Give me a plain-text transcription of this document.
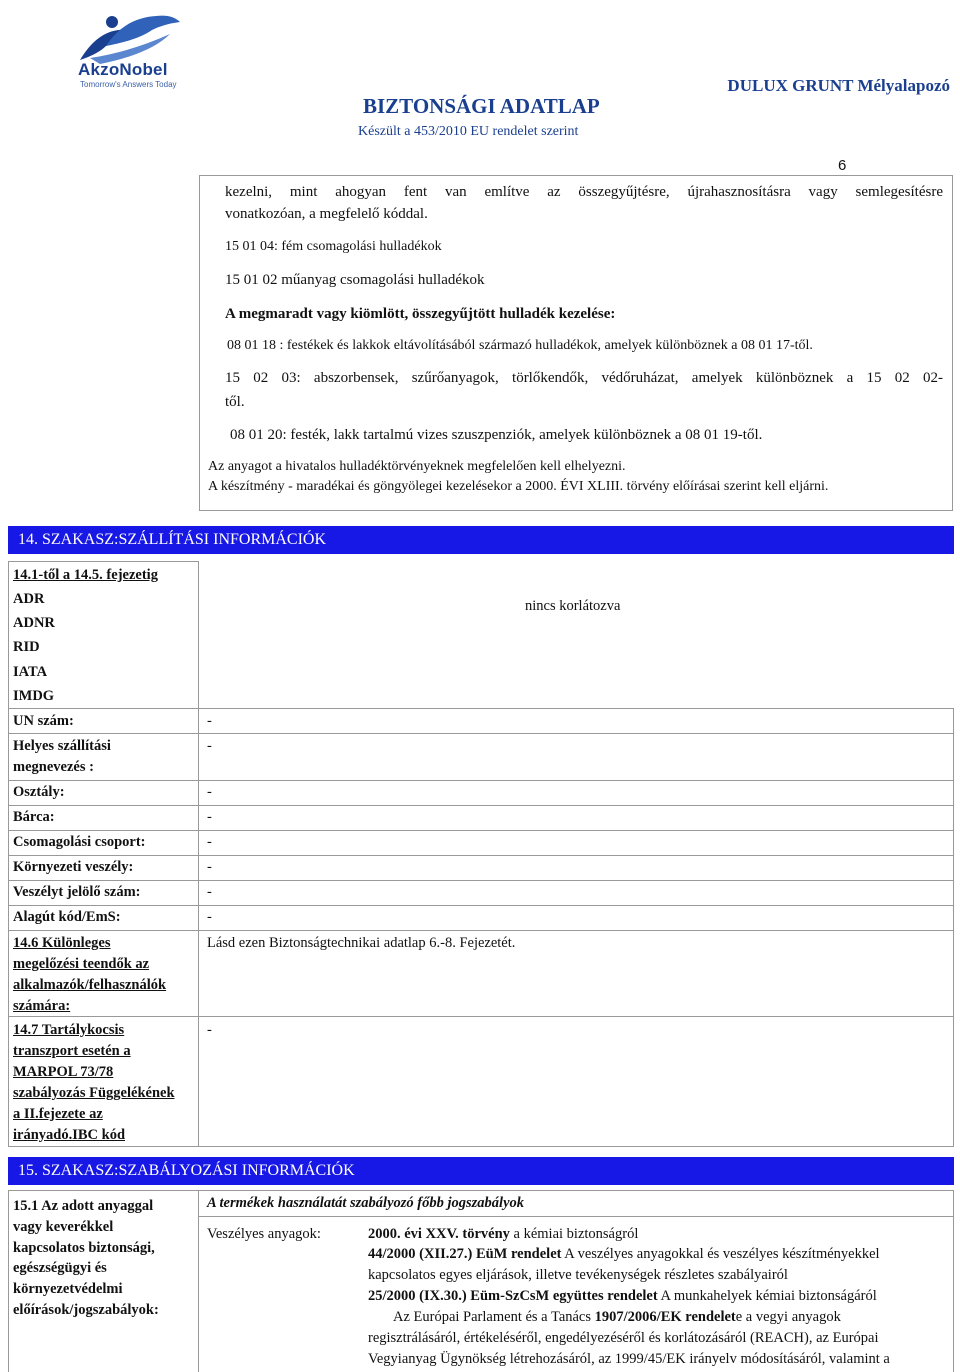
AkzoNobel
Tomorrow's Answers Today	DULUX GRUNT Mélyalapozó
BIZTONSÁGI ADATLAP
Készült a 453/2010 EU rendelet szerint
6
kezelni, mint ahogyan fent van említve az összegyűjtésre, újrahasznosításra vagy semlegesítésre
vonatkozóan, a megfelelő kóddal.
15 01 04: fém csomagolási hulladékok
15 01 02 műanyag csomagolási hulladékok
A megmaradt vagy kiömlött, összegyűjtött hulladék kezelése:
08 01 18 : festékek és lakkok eltávolításából származó hulladékok, amelyek különböznek a 08 01 17-től.
15 02 03: abszorbensek, szűrőanyagok, törlőkendők, védőruházat, amelyek különböznek a 15 02 02-
től.
08 01 20: festék, lakk tartalmú vizes szuszpenziók, amelyek különböznek a 08 01 19-től.
Az anyagot a hivatalos hulladéktörvényeknek megfelelően kell elhelyezni.
A készítmény - maradékai és göngyölegei kezelésekor a 2000. ÉVI XLIII. törvény előírásai szerint kell eljárni.
14. SZAKASZ:SZÁLLÍTÁSI INFORMÁCIÓK
14.1-től a 14.5. fejezetig
ADR
ADNR
RID
IATA
IMDG
nincs korlátozva
UN szám:	-
Helyes szállítási
megnevezés :
-
Osztály:	-
Bárca:	-
Csomagolási csoport:	-
Környezeti veszély:	-
Veszélyt jelölő szám:	-
Alagút kód/EmS:	-
14.6 Különleges
megelőzési teendők az
alkalmazók/felhasználók
számára:
Lásd ezen Biztonságtechnikai adatlap 6.-8. Fejezetét.
14.7 Tartálykocsis
transzport esetén a
MARPOL 73/78
szabályozás Függelékének
a II.fejezete az
irányadó.IBC kód
-
15. SZAKASZ:SZABÁLYOZÁSI INFORMÁCIÓK
15.1 Az adott anyaggal
vagy keverékkel
kapcsolatos biztonsági,
egészségügyi és
környezetvédelmi
előírások/jogszabályok:
A termékek használatát szabályozó főbb jogszabályok
Veszélyes anyagok:	2000. évi XXV. törvény a kémiai biztonságról
44/2000 (XII.27.) EüM rendelet A veszélyes anyagokkal és veszélyes készítményekkel
kapcsolatos egyes eljárások, illetve tevékenységek részletes szabályairól
25/2000 (IX.30.) Eüm-SzCsM együttes rendelet A munkahelyek kémiai biztonságáról
Az Európai Parlament és a Tanács 1907/2006/EK rendelete a vegyi anyagok
regisztrálásáról, értékeléséről, engedélyezéséről és korlátozásáról (REACH), az Európai
Vegyianyag Ügynökség létrehozásáról, az 1999/45/EK irányelv módosításáról, valamint a
